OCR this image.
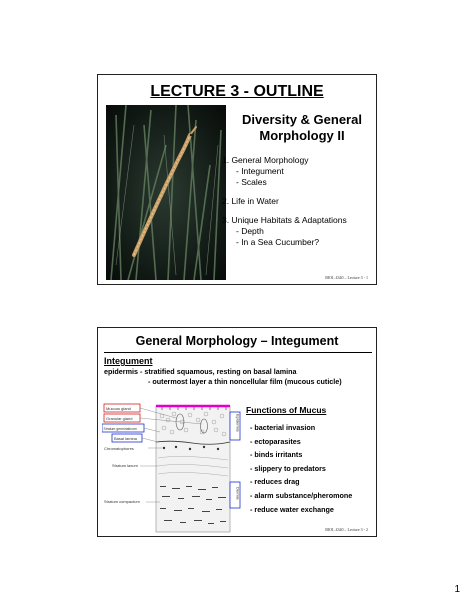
LECTURE 3 - OUTLINE
Diversity & General
Morphology II
1. General Morphology
- Integument
- Scales
2. Life in Water
3. Unique Habitats & Adaptations
- Depth
- In a Sea Cucumber?
BIOL 4340 – Lecture 3 - 1
General Morphology – Integument
Integument
epidermis - stratified squamous, resting on basal lamina
- outermost layer a thin noncellular film (mucous cuticle)
Mucous gland
Granular gland
Stratum germinativum
Basal lamina
Chromatophores
Stratum laxum
Stratum compactum
Epidermis
Dermis
Functions of Mucus
- bacterial invasion
- ectoparasites
- binds irritants
- slippery to predators
- reduces drag
- alarm substance/pheromone
- reduce water exchange
BIOL 4340 – Lecture 3 - 2
1
